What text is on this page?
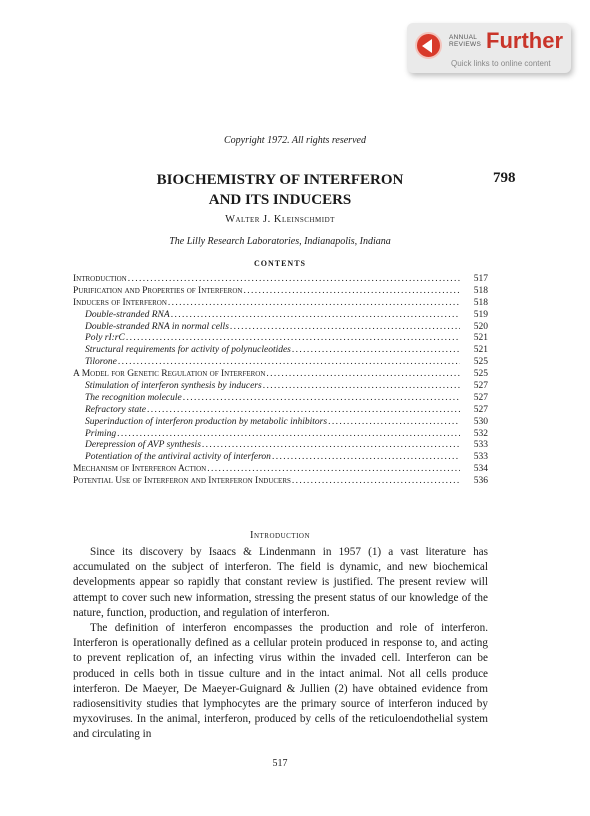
ANNUAL
REVIEWS Further
Quick links to online content
Copyright 1972. All rights reserved
BIOCHEMISTRY OF INTERFERON
AND ITS INDUCERS
798
Walter J. Kleinschmidt
The Lilly Research Laboratories, Indianapolis, Indiana
CONTENTS
Introduction . . .	517
Purification and Properties of Interferon . . .	518
Inducers of Interferon . . .	518
Double-stranded RNA . . .	519
Double-stranded RNA in normal cells . . .	520
Poly rI:rC . . .	521
Structural requirements for activity of polynucleotides . . .	521
Tilorone . . .	525
A Model for Genetic Regulation of Interferon . . .	525
Stimulation of interferon synthesis by inducers . . .	527
The recognition molecule . . .	527
Refractory state . . .	527
Superinduction of interferon production by metabolic inhibitors . . .	530
Priming . . .	532
Derepression of AVP synthesis . . .	533
Potentiation of the antiviral activity of interferon . . .	533
Mechanism of Interferon Action . . .	534
Potential Use of Interferon and Interferon Inducers . . .	536
Introduction

Since its discovery by Isaacs & Lindenmann in 1957 (1) a vast literature has accumulated on the subject of interferon. The field is dynamic, and new biochemical developments appear so rapidly that constant review is justified. The present review will attempt to cover such new information, stressing the present status of our knowledge of the nature, function, production, and regulation of interferon.

The definition of interferon encompasses the production and role of interferon. Interferon is operationally defined as a cellular protein produced in response to, and acting to prevent replication of, an infecting virus within the invaded cell. Interferon can be produced in cells both in tissue culture and in the intact animal. Not all cells produce interferon. De Maeyer, De Maeyer-Guignard & Jullien (2) have obtained evidence from radiosensitivity studies that lymphocytes are the primary source of interferon induced by myxoviruses. In the animal, interferon, produced by cells of the reticuloendothelial system and circulating in

517
